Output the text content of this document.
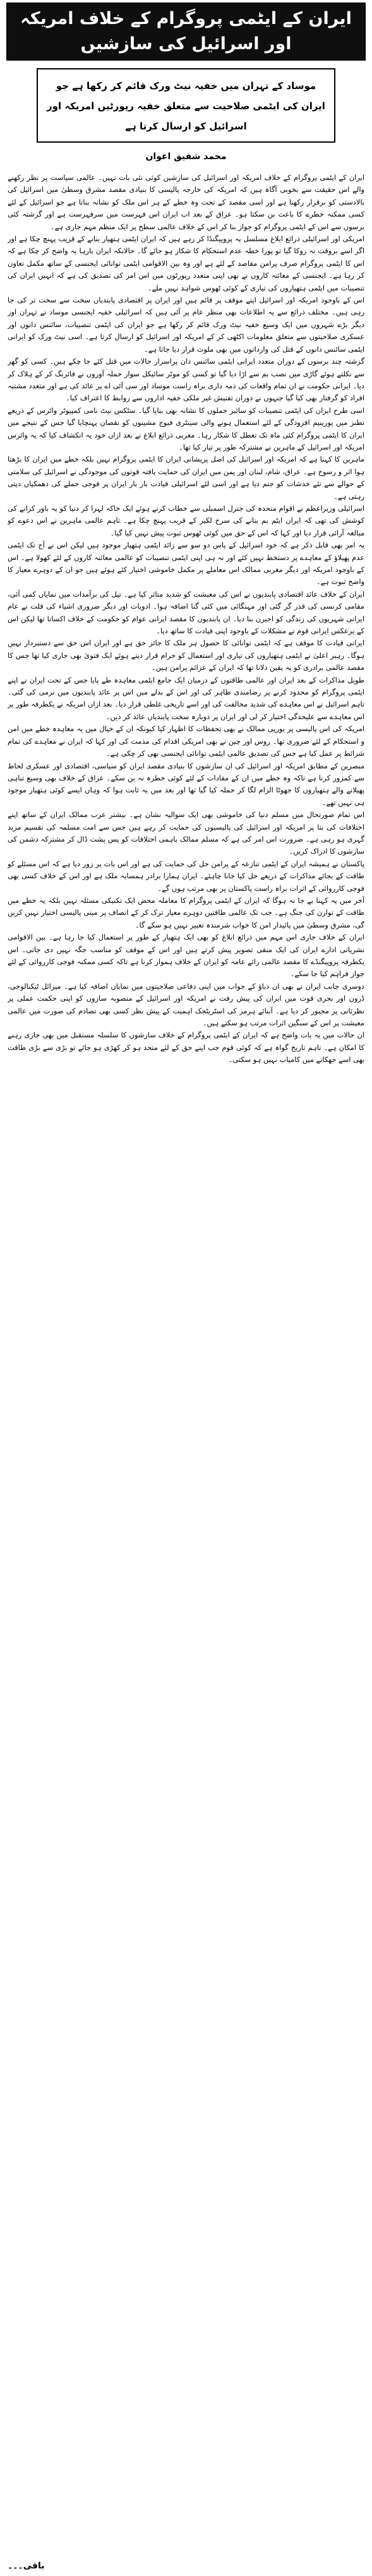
ایران کے ایٹمی پروگرام کے خلاف امریکہ اور اسرائیل کی سازشیں

موساد کے تہران میں خفیہ نیٹ ورک قائم کر رکھا ہے جو ایران کی ایٹمی صلاحیت سے متعلق خفیہ رپورٹیں امریکہ اور اسرائیل کو ارسال کرتا ہے

محمد شفیق اعوان

ایران کے ایٹمی پروگرام کے خلاف امریکہ اور اسرائیل کی سازشیں کوئی نئی بات نہیں۔ عالمی سیاست پر نظر رکھنے والے اس حقیقت سے بخوبی آگاہ ہیں کہ امریکہ کی خارجہ پالیسی کا بنیادی مقصد مشرق وسطیٰ میں اسرائیل کی بالادستی کو برقرار رکھنا ہے اور اسی مقصد کے تحت وہ خطے کے ہر اس ملک کو نشانہ بناتا ہے جو اسرائیل کے لئے کسی ممکنہ خطرے کا باعث بن سکتا ہو۔ عراق کے بعد اب ایران اس فہرست میں سرفہرست ہے اور گزشتہ کئی برسوں سے اس کے ایٹمی پروگرام کو جواز بنا کر اس کے خلاف عالمی سطح پر ایک منظم مہم جاری ہے۔

امریکی اور اسرائیلی ذرائع ابلاغ مسلسل یہ پروپیگنڈا کر رہے ہیں کہ ایران ایٹمی ہتھیار بنانے کے قریب پہنچ چکا ہے اور اگر اسے بروقت نہ روکا گیا تو پورا خطہ عدم استحکام کا شکار ہو جائے گا۔ حالانکہ ایران بارہا یہ واضح کر چکا ہے کہ اس کا ایٹمی پروگرام صرف پرامن مقاصد کے لئے ہے اور وہ بین الاقوامی ایٹمی توانائی ایجنسی کے ساتھ مکمل تعاون کر رہا ہے۔ ایجنسی کے معائنہ کاروں نے بھی اپنی متعدد رپورٹوں میں اس امر کی تصدیق کی ہے کہ انہیں ایران کی تنصیبات میں ایٹمی ہتھیاروں کی تیاری کے کوئی ٹھوس شواہد نہیں ملے۔

اس کے باوجود امریکہ اور اسرائیل اپنے موقف پر قائم ہیں اور ایران پر اقتصادی پابندیاں سخت سے سخت تر کی جا رہی ہیں۔ مختلف ذرائع سے یہ اطلاعات بھی منظر عام پر آئی ہیں کہ اسرائیلی خفیہ ایجنسی موساد نے تہران اور دیگر بڑے شہروں میں ایک وسیع خفیہ نیٹ ورک قائم کر رکھا ہے جو ایران کی ایٹمی تنصیبات، سائنس دانوں اور عسکری صلاحیتوں سے متعلق معلومات اکٹھی کر کے امریکہ اور اسرائیل کو ارسال کرتا ہے۔ اسی نیٹ ورک کو ایرانی ایٹمی سائنس دانوں کے قتل کی وارداتوں میں بھی ملوث قرار دیا جاتا ہے۔

گزشتہ چند برسوں کے دوران متعدد ایرانی ایٹمی سائنس دان پراسرار حالات میں قتل کئے جا چکے ہیں۔ کسی کو گھر سے نکلتے ہوئے گاڑی میں نصب بم سے اڑا دیا گیا تو کسی کو موٹر سائیکل سوار حملہ آوروں نے فائرنگ کر کے ہلاک کر دیا۔ ایرانی حکومت نے ان تمام واقعات کی ذمہ داری براہ راست موساد اور سی آئی اے پر عائد کی ہے اور متعدد مشتبہ افراد کو گرفتار بھی کیا گیا جنہوں نے دوران تفتیش غیر ملکی خفیہ اداروں سے روابط کا اعتراف کیا۔

اسی طرح ایران کی ایٹمی تنصیبات کو سائبر حملوں کا نشانہ بھی بنایا گیا۔ سٹکس نیٹ نامی کمپیوٹر وائرس کے ذریعے نطنز میں یورینیم افزودگی کے لئے استعمال ہونے والی سینٹری فیوج مشینوں کو نقصان پہنچایا گیا جس کے نتیجے میں ایران کا ایٹمی پروگرام کئی ماہ تک تعطل کا شکار رہا۔ مغربی ذرائع ابلاغ نے بعد ازاں خود یہ انکشاف کیا کہ یہ وائرس امریکہ اور اسرائیل کے ماہرین نے مشترکہ طور پر تیار کیا تھا۔

ماہرین کا کہنا ہے کہ امریکہ اور اسرائیل کی اصل پریشانی ایران کا ایٹمی پروگرام نہیں بلکہ خطے میں ایران کا بڑھتا ہوا اثر و رسوخ ہے۔ عراق، شام، لبنان اور یمن میں ایران کی حمایت یافتہ قوتوں کی موجودگی نے اسرائیل کی سلامتی کے حوالے سے نئے خدشات کو جنم دیا ہے اور اسی لئے اسرائیلی قیادت بار بار ایران پر فوجی حملے کی دھمکیاں دیتی رہتی ہے۔

اسرائیلی وزیراعظم نے اقوام متحدہ کی جنرل اسمبلی سے خطاب کرتے ہوئے ایک خاکہ لہرا کر دنیا کو یہ باور کرانے کی کوشش کی تھی کہ ایران ایٹم بم بنانے کی سرخ لکیر کے قریب پہنچ چکا ہے۔ تاہم عالمی ماہرین نے اس دعوے کو مبالغہ آرائی قرار دیا اور کہا کہ اس کے حق میں کوئی ٹھوس ثبوت پیش نہیں کیا گیا۔

یہ امر بھی قابل ذکر ہے کہ خود اسرائیل کے پاس دو سو سے زائد ایٹمی ہتھیار موجود ہیں لیکن اس نے آج تک ایٹمی عدم پھیلاؤ کے معاہدے پر دستخط نہیں کئے اور نہ ہی اپنی ایٹمی تنصیبات کو عالمی معائنہ کاروں کے لئے کھولا ہے۔ اس کے باوجود امریکہ اور دیگر مغربی ممالک اس معاملے پر مکمل خاموشی اختیار کئے ہوئے ہیں جو ان کے دوہرے معیار کا واضح ثبوت ہے۔

ایران کے خلاف عائد اقتصادی پابندیوں نے اس کی معیشت کو شدید متاثر کیا ہے۔ تیل کی برآمدات میں نمایاں کمی آئی، مقامی کرنسی کی قدر گر گئی اور مہنگائی میں کئی گنا اضافہ ہوا۔ ادویات اور دیگر ضروری اشیاء کی قلت نے عام ایرانی شہریوں کی زندگی کو اجیرن بنا دیا۔ ان پابندیوں کا مقصد ایرانی عوام کو حکومت کے خلاف اکسانا تھا لیکن اس کے برعکس ایرانی قوم نے مشکلات کے باوجود اپنی قیادت کا ساتھ دیا۔

ایرانی قیادت کا موقف ہے کہ ایٹمی توانائی کا حصول ہر ملک کا جائز حق ہے اور ایران اس حق سے دستبردار نہیں ہوگا۔ رہبر اعلیٰ نے ایٹمی ہتھیاروں کی تیاری اور استعمال کو حرام قرار دیتے ہوئے ایک فتویٰ بھی جاری کیا تھا جس کا مقصد عالمی برادری کو یہ یقین دلانا تھا کہ ایران کے عزائم پرامن ہیں۔

طویل مذاکرات کے بعد ایران اور عالمی طاقتوں کے درمیان ایک جامع ایٹمی معاہدہ طے پایا جس کے تحت ایران نے اپنے ایٹمی پروگرام کو محدود کرنے پر رضامندی ظاہر کی اور اس کے بدلے میں اس پر عائد پابندیوں میں نرمی کی گئی۔ تاہم اسرائیل نے اس معاہدے کی شدید مخالفت کی اور اسے تاریخی غلطی قرار دیا۔ بعد ازاں امریکہ نے یکطرفہ طور پر اس معاہدے سے علیحدگی اختیار کر لی اور ایران پر دوبارہ سخت پابندیاں عائد کر دیں۔

امریکہ کی اس پالیسی پر یورپی ممالک نے بھی تحفظات کا اظہار کیا کیونکہ ان کے خیال میں یہ معاہدہ خطے میں امن و استحکام کے لئے ضروری تھا۔ روس اور چین نے بھی امریکی اقدام کی مذمت کی اور کہا کہ ایران نے معاہدے کی تمام شرائط پر عمل کیا ہے جس کی تصدیق عالمی ایٹمی توانائی ایجنسی بھی کر چکی ہے۔

مبصرین کے مطابق امریکہ اور اسرائیل کی ان سازشوں کا بنیادی مقصد ایران کو سیاسی، اقتصادی اور عسکری لحاظ سے کمزور کرنا ہے تاکہ وہ خطے میں ان کے مفادات کے لئے کوئی خطرہ نہ بن سکے۔ عراق کے خلاف بھی وسیع تباہی پھیلانے والے ہتھیاروں کا جھوٹا الزام لگا کر حملہ کیا گیا تھا اور بعد میں یہ ثابت ہوا کہ وہاں ایسے کوئی ہتھیار موجود ہی نہیں تھے۔

اس تمام صورتحال میں مسلم دنیا کی خاموشی بھی ایک سوالیہ نشان ہے۔ بیشتر عرب ممالک ایران کے ساتھ اپنے اختلافات کی بنا پر امریکہ اور اسرائیل کی پالیسیوں کی حمایت کر رہے ہیں جس سے امت مسلمہ کی تقسیم مزید گہری ہو رہی ہے۔ ضرورت اس امر کی ہے کہ مسلم ممالک باہمی اختلافات کو پس پشت ڈال کر مشترکہ دشمن کی سازشوں کا ادراک کریں۔

پاکستان نے ہمیشہ ایران کے ایٹمی تنازعہ کے پرامن حل کی حمایت کی ہے اور اس بات پر زور دیا ہے کہ اس مسئلے کو طاقت کے بجائے مذاکرات کے ذریعے حل کیا جانا چاہئے۔ ایران ہمارا برادر ہمسایہ ملک ہے اور اس کے خلاف کسی بھی فوجی کارروائی کے اثرات براہ راست پاکستان پر بھی مرتب ہوں گے۔

آخر میں یہ کہنا بے جا نہ ہوگا کہ ایران کے ایٹمی پروگرام کا معاملہ محض ایک تکنیکی مسئلہ نہیں بلکہ یہ خطے میں طاقت کے توازن کی جنگ ہے۔ جب تک عالمی طاقتیں دوہرے معیار ترک کر کے انصاف پر مبنی پالیسی اختیار نہیں کریں گی، مشرق وسطیٰ میں پائیدار امن کا خواب شرمندہ تعبیر نہیں ہو سکے گا۔

ایران کے خلاف جاری اس مہم میں ذرائع ابلاغ کو بھی ایک ہتھیار کے طور پر استعمال کیا جا رہا ہے۔ بین الاقوامی نشریاتی ادارے ایران کی ایک منفی تصویر پیش کرتے ہیں اور اس کے موقف کو مناسب جگہ نہیں دی جاتی۔ اس یکطرفہ پروپیگنڈے کا مقصد عالمی رائے عامہ کو ایران کے خلاف ہموار کرنا ہے تاکہ کسی ممکنہ فوجی کارروائی کے لئے جواز فراہم کیا جا سکے۔

دوسری جانب ایران نے بھی ان دباؤ کے جواب میں اپنی دفاعی صلاحیتوں میں نمایاں اضافہ کیا ہے۔ میزائل ٹیکنالوجی، ڈرون اور بحری قوت میں ایران کی پیش رفت نے امریکہ اور اسرائیل کے منصوبہ سازوں کو اپنی حکمت عملی پر نظرثانی پر مجبور کر دیا ہے۔ آبنائے ہرمز کی اسٹریٹجک اہمیت کے پیش نظر کسی بھی تصادم کی صورت میں عالمی معیشت پر اس کے سنگین اثرات مرتب ہو سکتے ہیں۔

ان حالات میں یہ بات واضح ہے کہ ایران کے ایٹمی پروگرام کے خلاف سازشوں کا سلسلہ مستقبل میں بھی جاری رہنے کا امکان ہے۔ تاہم تاریخ گواہ ہے کہ کوئی قوم جب اپنے حق کے لئے متحد ہو کر کھڑی ہو جائے تو بڑی سے بڑی طاقت بھی اسے جھکانے میں کامیاب نہیں ہو سکتی۔

باقی۔۔۔
